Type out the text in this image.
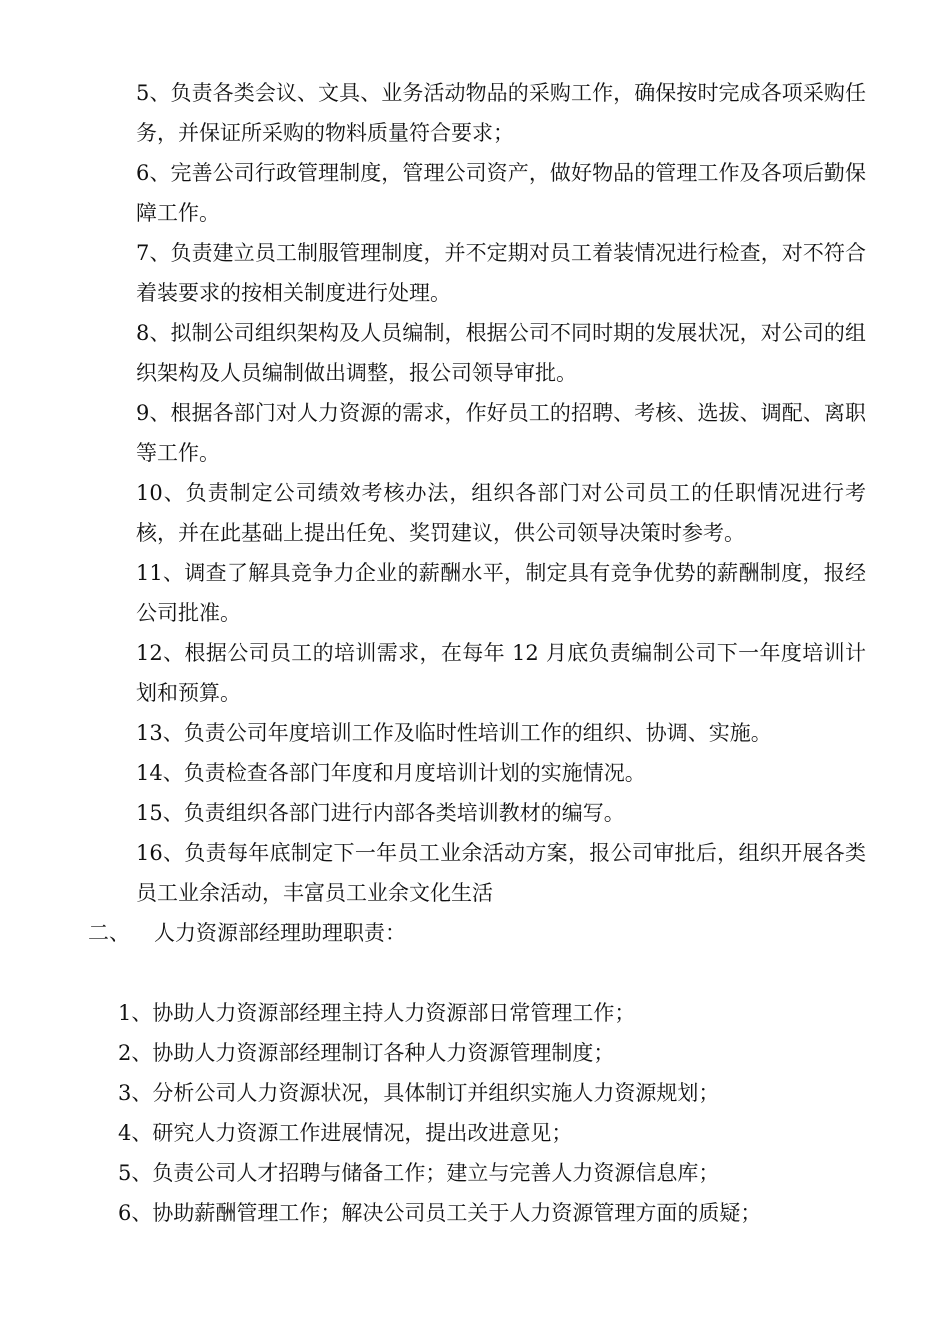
5、负责各类会议、文具、业务活动物品的采购工作，确保按时完成各项采购任务，并保证所采购的物料质量符合要求；

6、完善公司行政管理制度，管理公司资产，做好物品的管理工作及各项后勤保障工作。

7、负责建立员工制服管理制度，并不定期对员工着装情况进行检查，对不符合着装要求的按相关制度进行处理。

8、拟制公司组织架构及人员编制，根据公司不同时期的发展状况，对公司的组织架构及人员编制做出调整，报公司领导审批。

9、根据各部门对人力资源的需求，作好员工的招聘、考核、选拔、调配、离职等工作。

10、负责制定公司绩效考核办法，组织各部门对公司员工的任职情况进行考核，并在此基础上提出任免、奖罚建议，供公司领导决策时参考。

11、调查了解具竞争力企业的薪酬水平，制定具有竞争优势的薪酬制度，报经公司批准。

12、根据公司员工的培训需求，在每年 12 月底负责编制公司下一年度培训计划和预算。

13、负责公司年度培训工作及临时性培训工作的组织、协调、实施。

14、负责检查各部门年度和月度培训计划的实施情况。

15、负责组织各部门进行内部各类培训教材的编写。

16、负责每年底制定下一年员工业余活动方案，报公司审批后，组织开展各类员工业余活动，丰富员工业余文化生活

二、 人力资源部经理助理职责：

1、协助人力资源部经理主持人力资源部日常管理工作；

2、协助人力资源部经理制订各种人力资源管理制度；

3、分析公司人力资源状况，具体制订并组织实施人力资源规划；

4、研究人力资源工作进展情况，提出改进意见；

5、负责公司人才招聘与储备工作；建立与完善人力资源信息库；

6、协助薪酬管理工作；解决公司员工关于人力资源管理方面的质疑；
